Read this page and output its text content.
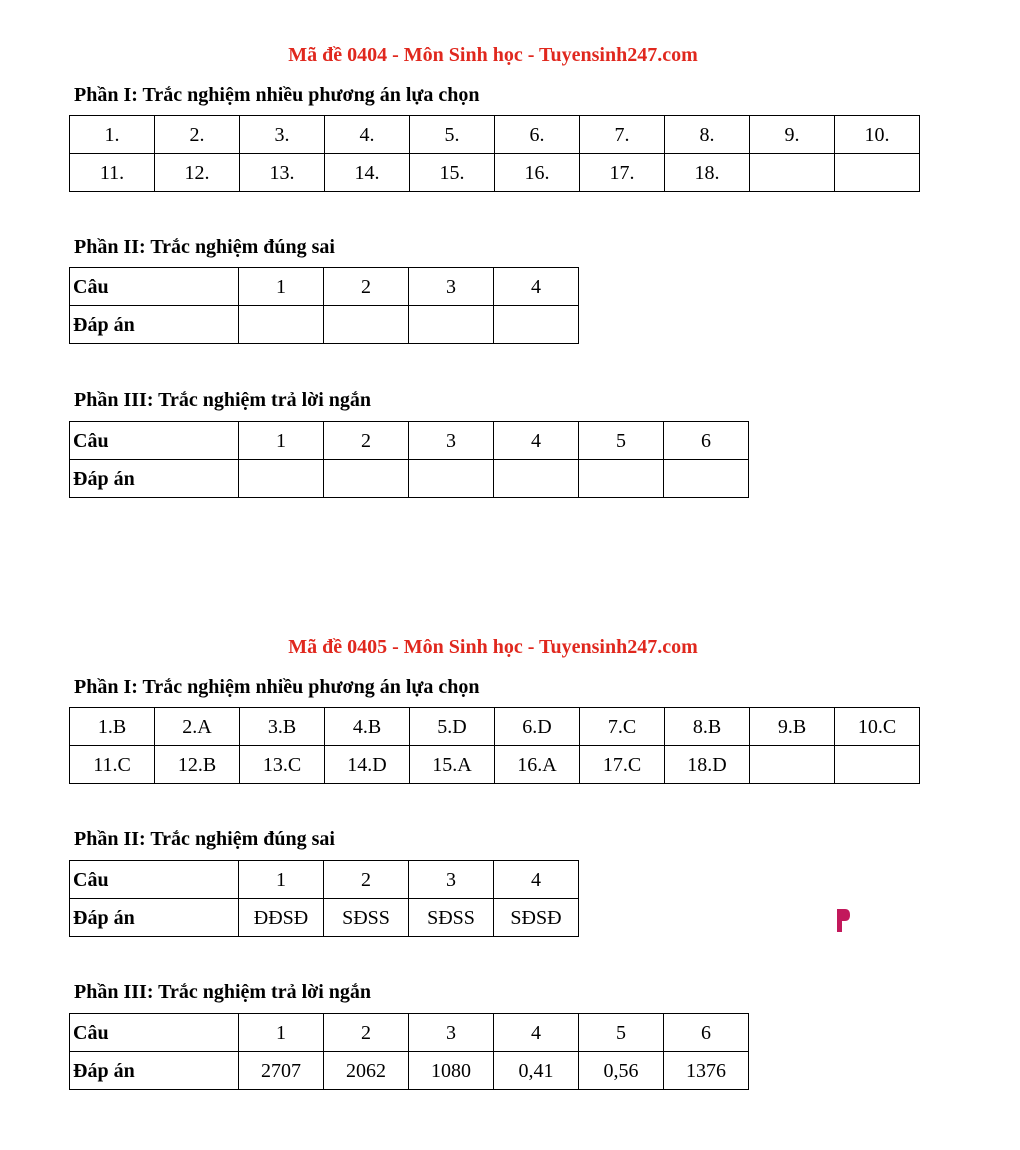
Mã đề 0404 - Môn Sinh học - Tuyensinh247.com
Phần I: Trắc nghiệm nhiều phương án lựa chọn
1.	2.	3.	4.	5.	6.	7.	8.	9.	10.
11.	12.	13.	14.	15.	16.	17.	18.		
Phần II: Trắc nghiệm đúng sai
Câu	1	2	3	4
Đáp án				
Phần III: Trắc nghiệm trả lời ngắn
Câu	1	2	3	4	5	6
Đáp án						
Mã đề 0405 - Môn Sinh học - Tuyensinh247.com
Phần I: Trắc nghiệm nhiều phương án lựa chọn
1.B	2.A	3.B	4.B	5.D	6.D	7.C	8.B	9.B	10.C
11.C	12.B	13.C	14.D	15.A	16.A	17.C	18.D		
Phần II: Trắc nghiệm đúng sai
Câu	1	2	3	4
Đáp án	ĐĐSĐ	SĐSS	SĐSS	SĐSĐ
Phần III: Trắc nghiệm trả lời ngắn
Câu	1	2	3	4	5	6
Đáp án	2707	2062	1080	0,41	0,56	1376
